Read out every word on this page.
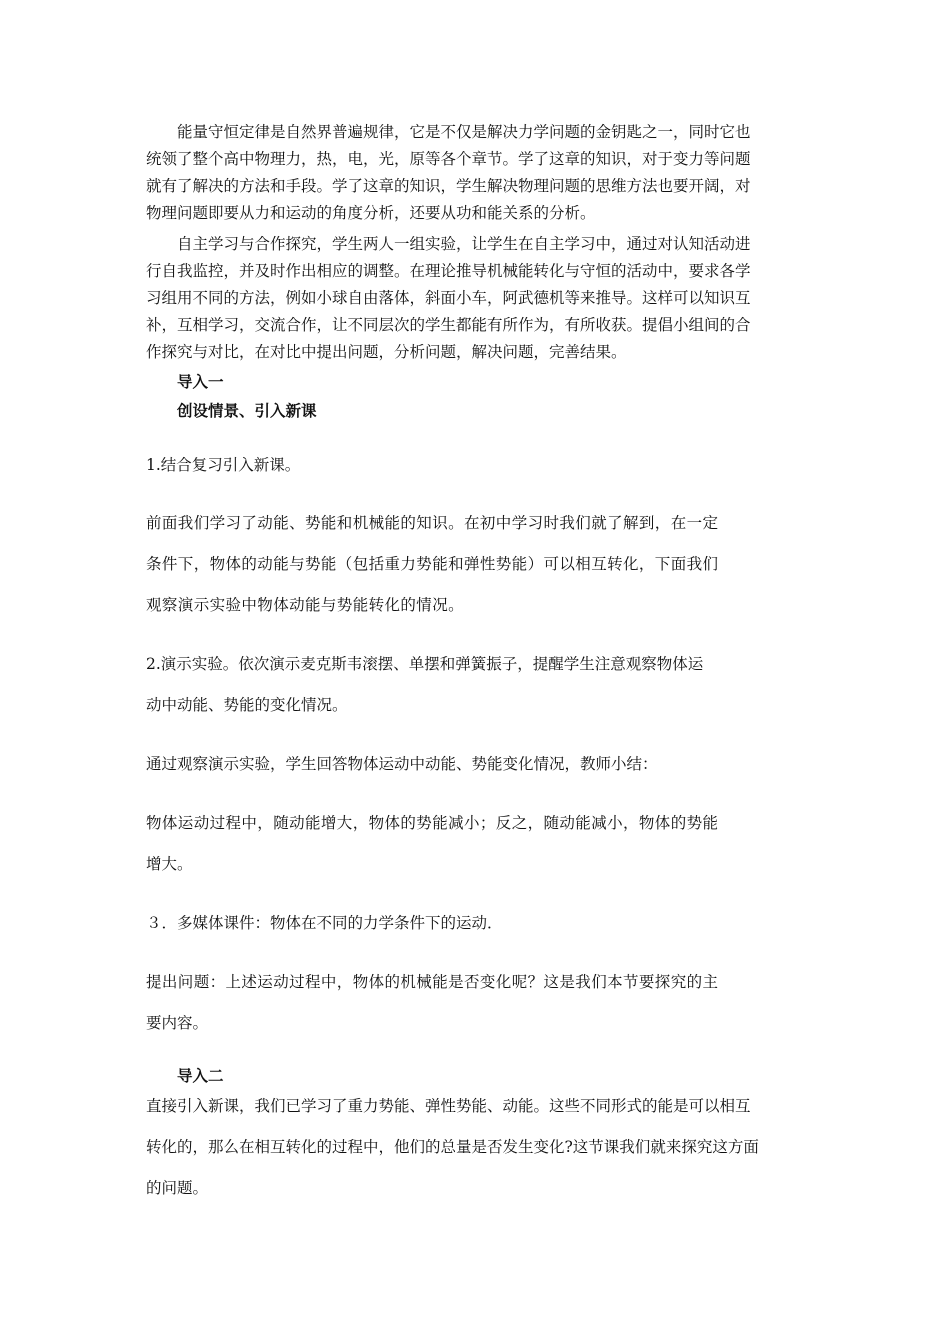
能量守恒定律是自然界普遍规律，它是不仅是解决力学问题的金钥匙之一，同时它也
统领了整个高中物理力，热，电，光，原等各个章节。学了这章的知识，对于变力等问题
就有了解决的方法和手段。学了这章的知识，学生解决物理问题的思维方法也要开阔，对
物理问题即要从力和运动的角度分析，还要从功和能关系的分析。
自主学习与合作探究，学生两人一组实验，让学生在自主学习中，通过对认知活动进
行自我监控，并及时作出相应的调整。在理论推导机械能转化与守恒的活动中，要求各学
习组用不同的方法，例如小球自由落体，斜面小车，阿武德机等来推导。这样可以知识互
补，互相学习，交流合作，让不同层次的学生都能有所作为，有所收获。提倡小组间的合
作探究与对比，在对比中提出问题，分析问题，解决问题，完善结果。
导入一
创设情景、引入新课
1.结合复习引入新课。
前面我们学习了动能、势能和机械能的知识。在初中学习时我们就了解到，在一定
条件下，物体的动能与势能（包括重力势能和弹性势能）可以相互转化，下面我们
观察演示实验中物体动能与势能转化的情况。
2.演示实验。依次演示麦克斯韦滚摆、单摆和弹簧振子，提醒学生注意观察物体运
动中动能、势能的变化情况。
通过观察演示实验，学生回答物体运动中动能、势能变化情况，教师小结：
物体运动过程中，随动能增大，物体的势能减小；反之，随动能减小，物体的势能
增大。
３．多媒体课件：物体在不同的力学条件下的运动．
提出问题：上述运动过程中，物体的机械能是否变化呢？这是我们本节要探究的主
要内容。
导入二
直接引入新课，我们已学习了重力势能、弹性势能、动能。这些不同形式的能是可以相互
转化的，那么在相互转化的过程中，他们的总量是否发生变化?这节课我们就来探究这方面
的问题。
